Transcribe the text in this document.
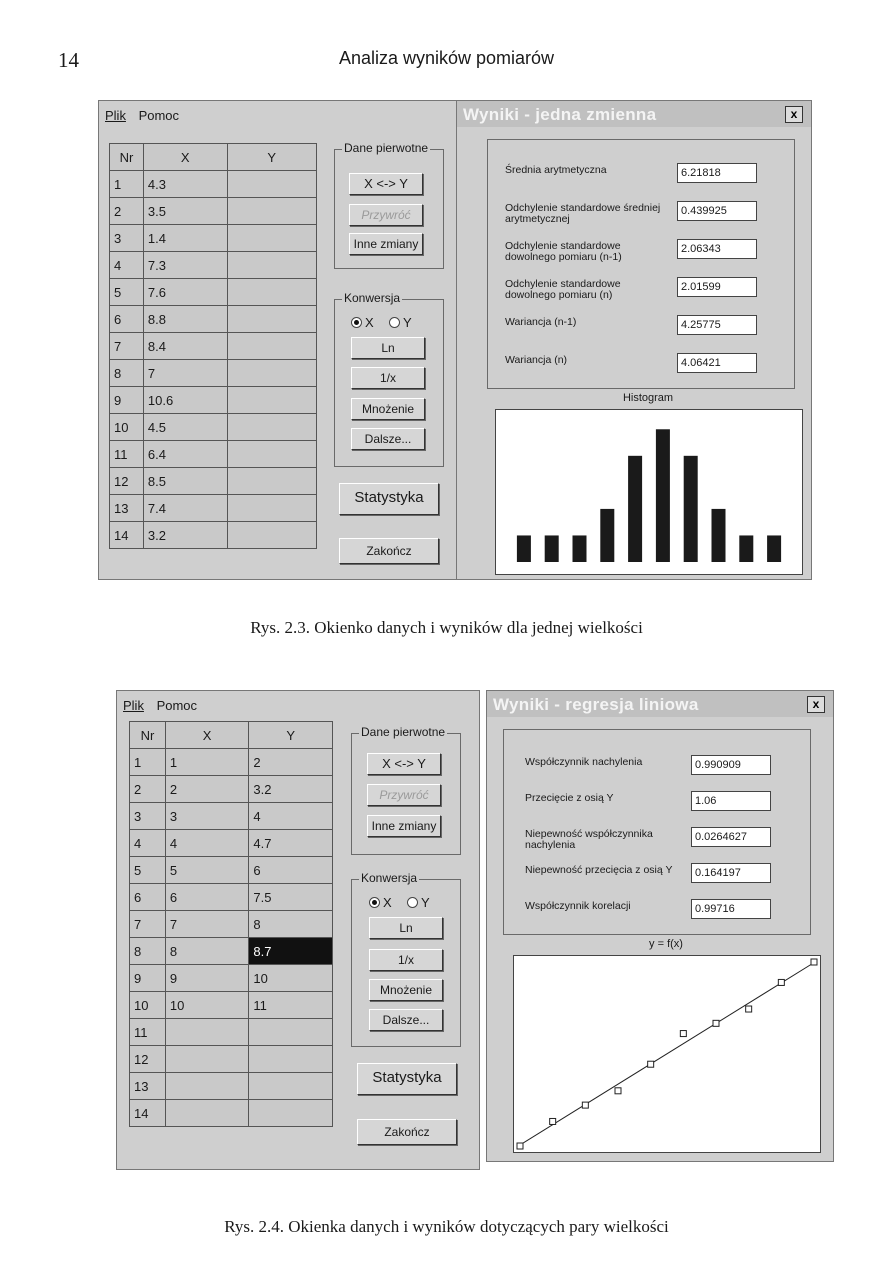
14	Analiza wyników pomiarów
Plik Pomoc
Nr	X	Y
1	4.3	
2	3.5	
3	1.4	
4	7.3	
5	7.6	
6	8.8	
7	8.4	
8	7	
9	10.6	
10	4.5	
11	6.4	
12	8.5	
13	7.4	
14	3.2	
Dane pierwotne
X <-> Y
Przywróć
Inne zmiany
Konwersja
X	Y
Ln
1/x
Mnożenie
Dalsze...
Statystyka
Zakończ
Wyniki - jedna zmienna	x
Średnia arytmetyczna	6.21818
Odchylenie standardowe średniej arytmetycznej
0.439925
Odchylenie standardowe dowolnego pomiaru (n-1)
2.06343
Odchylenie standardowe dowolnego pomiaru (n)
2.01599
Wariancja (n-1)	4.25775
Wariancja (n)	4.06421
Histogram
Rys. 2.3. Okienko danych i wyników dla jednej wielkości
Plik Pomoc
Nr	X	Y
1	1	2
2	2	3.2
3	3	4
4	4	4.7
5	5	6
6	6	7.5
7	7	8
8	8	8.7
9	9	10
10	10	11
11		
12		
13		
14		
Dane pierwotne
X <-> Y
Przywróć
Inne zmiany
Konwersja
X	Y
Ln
1/x
Mnożenie
Dalsze...
Statystyka
Zakończ
Wyniki - regresja liniowa	x
Współczynnik nachylenia	0.990909
Przecięcie z osią Y	1.06
Niepewność współczynnika nachylenia
0.0264627
Niepewność przecięcia z osią Y	0.164197
Współczynnik korelacji	0.99716
y = f(x)
Rys. 2.4. Okienka danych i wyników dotyczących pary wielkości
